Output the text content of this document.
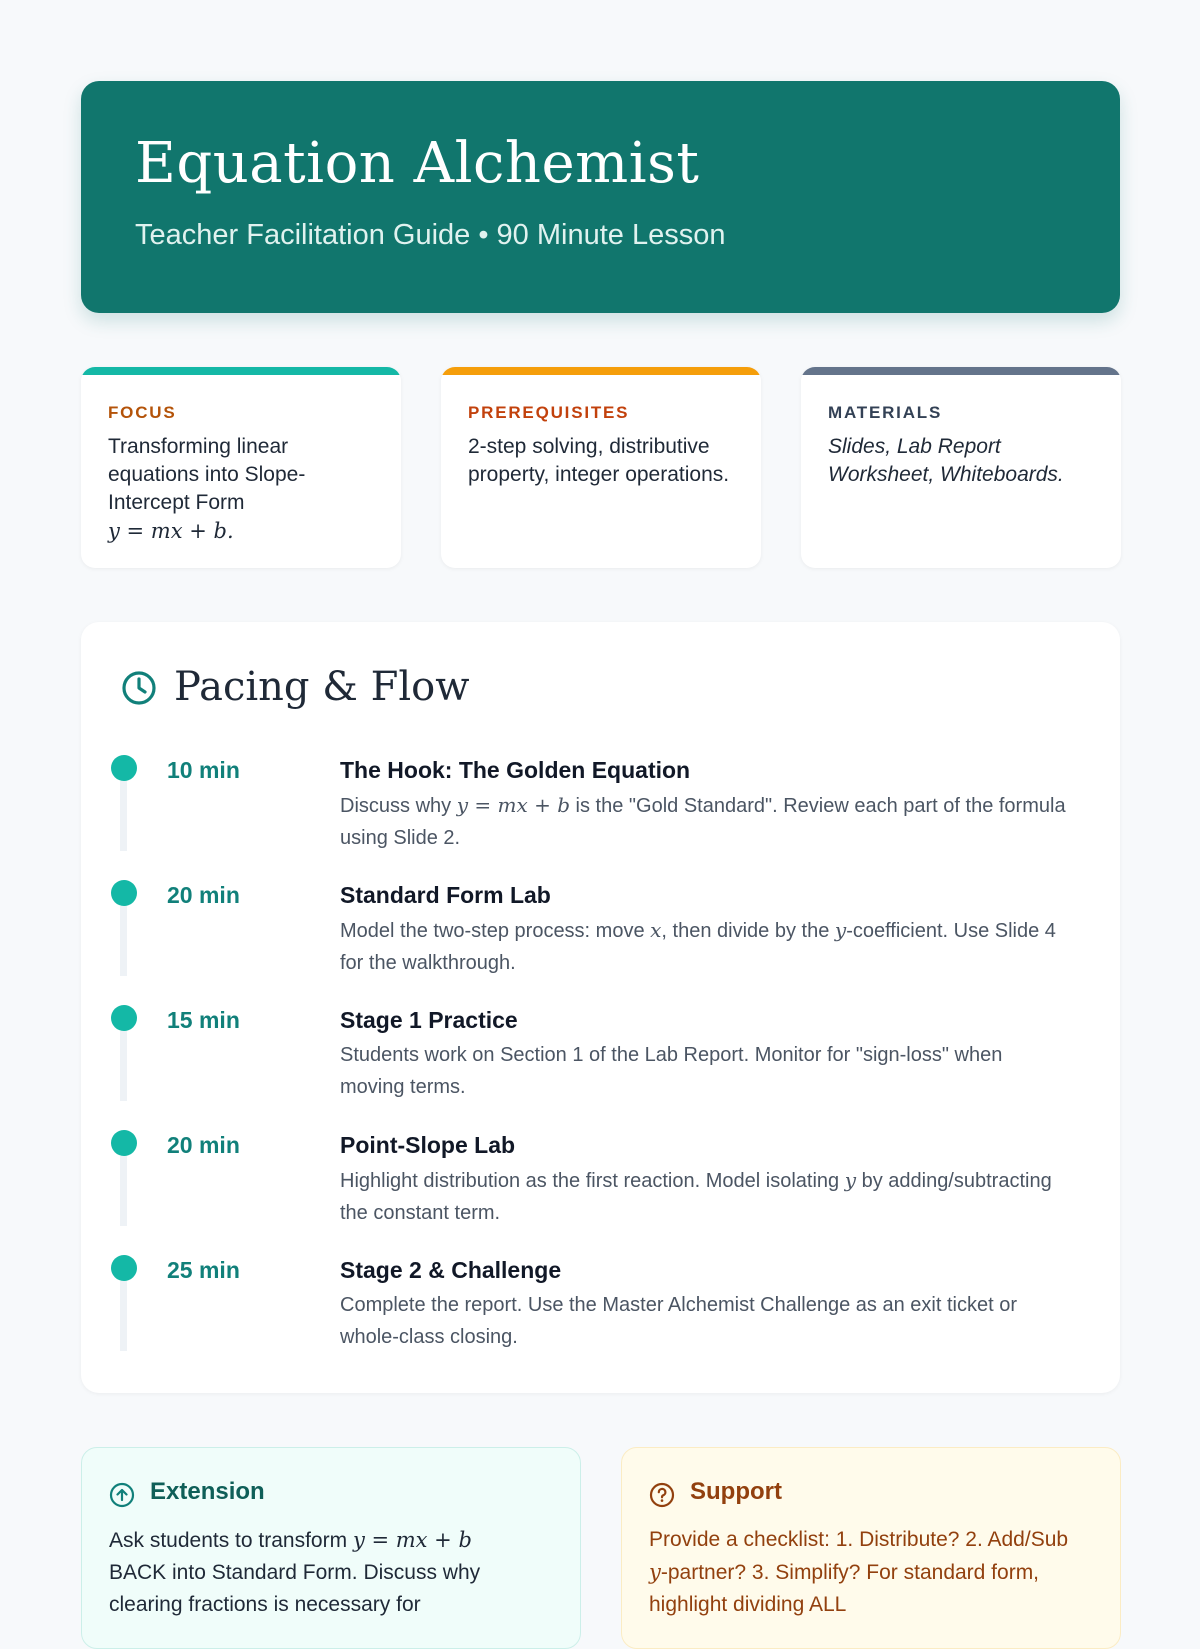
Equation Alchemist
Teacher Facilitation Guide • 90 Minute Lesson
FOCUS
Transforming linear equations into Slope-Intercept Form
y = mx + b.
PREREQUISITES
2-step solving, distributive property, integer operations.
MATERIALS
Slides, Lab Report Worksheet, Whiteboards.
Pacing & Flow
10 min	The Hook: The Golden Equation
Discuss why y = mx + b is the "Gold Standard". Review each part of the formula using Slide 2.
20 min	Standard Form Lab
Model the two-step process: move x, then divide by the y-coefficient. Use Slide 4 for the walkthrough.
15 min	Stage 1 Practice
Students work on Section 1 of the Lab Report. Monitor for "sign-loss" when moving terms.
20 min	Point-Slope Lab
Highlight distribution as the first reaction. Model isolating y by adding/subtracting the constant term.
25 min	Stage 2 & Challenge
Complete the report. Use the Master Alchemist Challenge as an exit ticket or whole-class closing.
Extension
Ask students to transform y = mx + b BACK into Standard Form. Discuss why clearing fractions is necessary for
Support
Provide a checklist: 1. Distribute? 2. Add/Sub y-partner? 3. Simplify? For standard form, highlight dividing ALL
